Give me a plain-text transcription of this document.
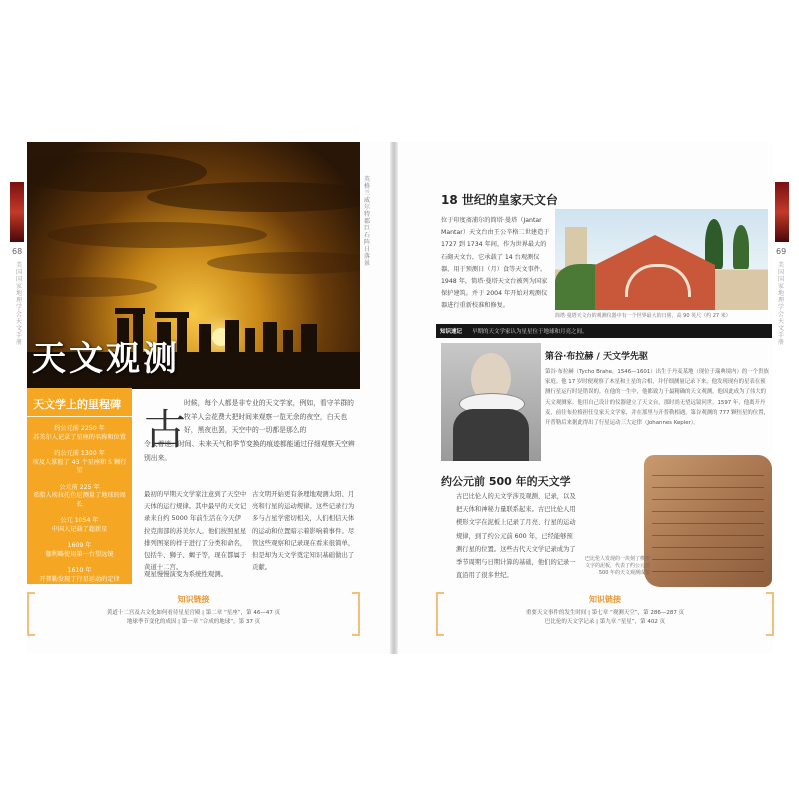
68	69
美国国家地理学会天文手册
美国国家地理学会天文手册
天文观测
英格兰威尔特郡巨石阵日落景
天文学上的里程碑
约公元前 2250 年
苏美尔人记录了星座的名称和位置
约公元前 1300 年
埃及人掌握了 43 个星座和 5 颗行星
公元前 225 年
希腊人埃拉托色尼测量了地球的周长
公元 1054 年
中国人记载了超新星
1609 年
伽利略使用第一台望远镜
1610 年
开普勒发现了行星运动的定律
古
时候，每个人都是非专业的天文学家，例如，看守羊群的牧羊人会花费大把时间来观察一览无余的夜空，白天也好，黑夜也罢，天空中的一切都是那么的
令人着迷。时间、未来天气和季节变换的痕迹都能通过仔细观察天空辨别出来。
最初的早期天文学家注意到了天空中天体的运行规律。其中最早的天文记录来自约 5000 年前生活在今天伊拉克南部的苏美尔人。他们按照星星排列图案的样子进行了分类和命名，包括牛、狮子、蝎子等，现在都属于黄道十二宫。
古文明开始更有条理地观测太阳、月亮和行星的运动规律。这些记录行为多与占星学密切相关，人们相信天体的运动和位置暗示着影响着事件。尽管这些观察和记录现在看来很简单，但是却为天文学奠定知识基础做出了贡献。
观星慢慢演变为系统性观测。
知识链接
黄道十二宫及古文化如何看待星星宫殿 | 第二章 “星座”，第 46—47 页
地球季节变化的成因 | 第一章 “合成的地球”，第 37 页
18 世纪的皇家天文台
位于印度斋浦尔的简塔·曼塔（Jantar Mantar）天文台由王公辛格二世建造于 1727 到 1734 年间，作为世界最大的石砌天文台，它承载了 14 台观测仪器，用于预测日（月）食等天文事件。1948 年，简塔·曼塔天文台被列为国家保护建筑。并于 2004 年开始对观测仪器进行重新校准和修复。
简塔·曼塔天文台的观测仪器中有一个世界最大的日晷，高 90 英尺（约 27 米）
知识速记 早期的天文学家认为星星位于地球和月亮之间。
第谷·布拉赫 / 天文学先驱
第谷·布拉赫（Tycho Brahe，1546—1601）出生于丹麦某地（现位于瑞典境内）的一个贵族家庭。他 17 岁时便观察了木星和土星的合相，并仔细测量记录下来，他发现现有的星表在预测行星运行时是错误的。在他的一生中，他都致力于最精确的天文观测，他因此成为了伟大的天文观测家。他用自己设计的仪器建立了天文台，那时尚无望远镜问世。1597 年，他离开丹麦，前往布拉格担任皇家天文学家，并在那里与开普勒相遇，第谷观测的 777 颗恒星的位置，开普勒后来据此得出了行星运动三大定律（Johannes Kepler）。
约公元前 500 年的天文学
古巴比伦人的天文学涉及观测、记录，以及把天体和神秘力量联系起来。古巴比伦人用楔形文字在泥板上记录了月亮、行星的运动规律，到了约公元前 600 年，已经能够预测行星的位置。这些古代天文学记录成为了季节周期与日期计算的基础，他们的记录一直沿用了很多世纪。
巴比伦人发现的一块刻了楔形文字的泥板，代表了约公元前 500 年的天文观测成果
知识链接
重要天文事件的发生时间 | 第七章 “观测天空”，第 286—287 页
巴比伦的天文学记录 | 第九章 “星星”，第 402 页
